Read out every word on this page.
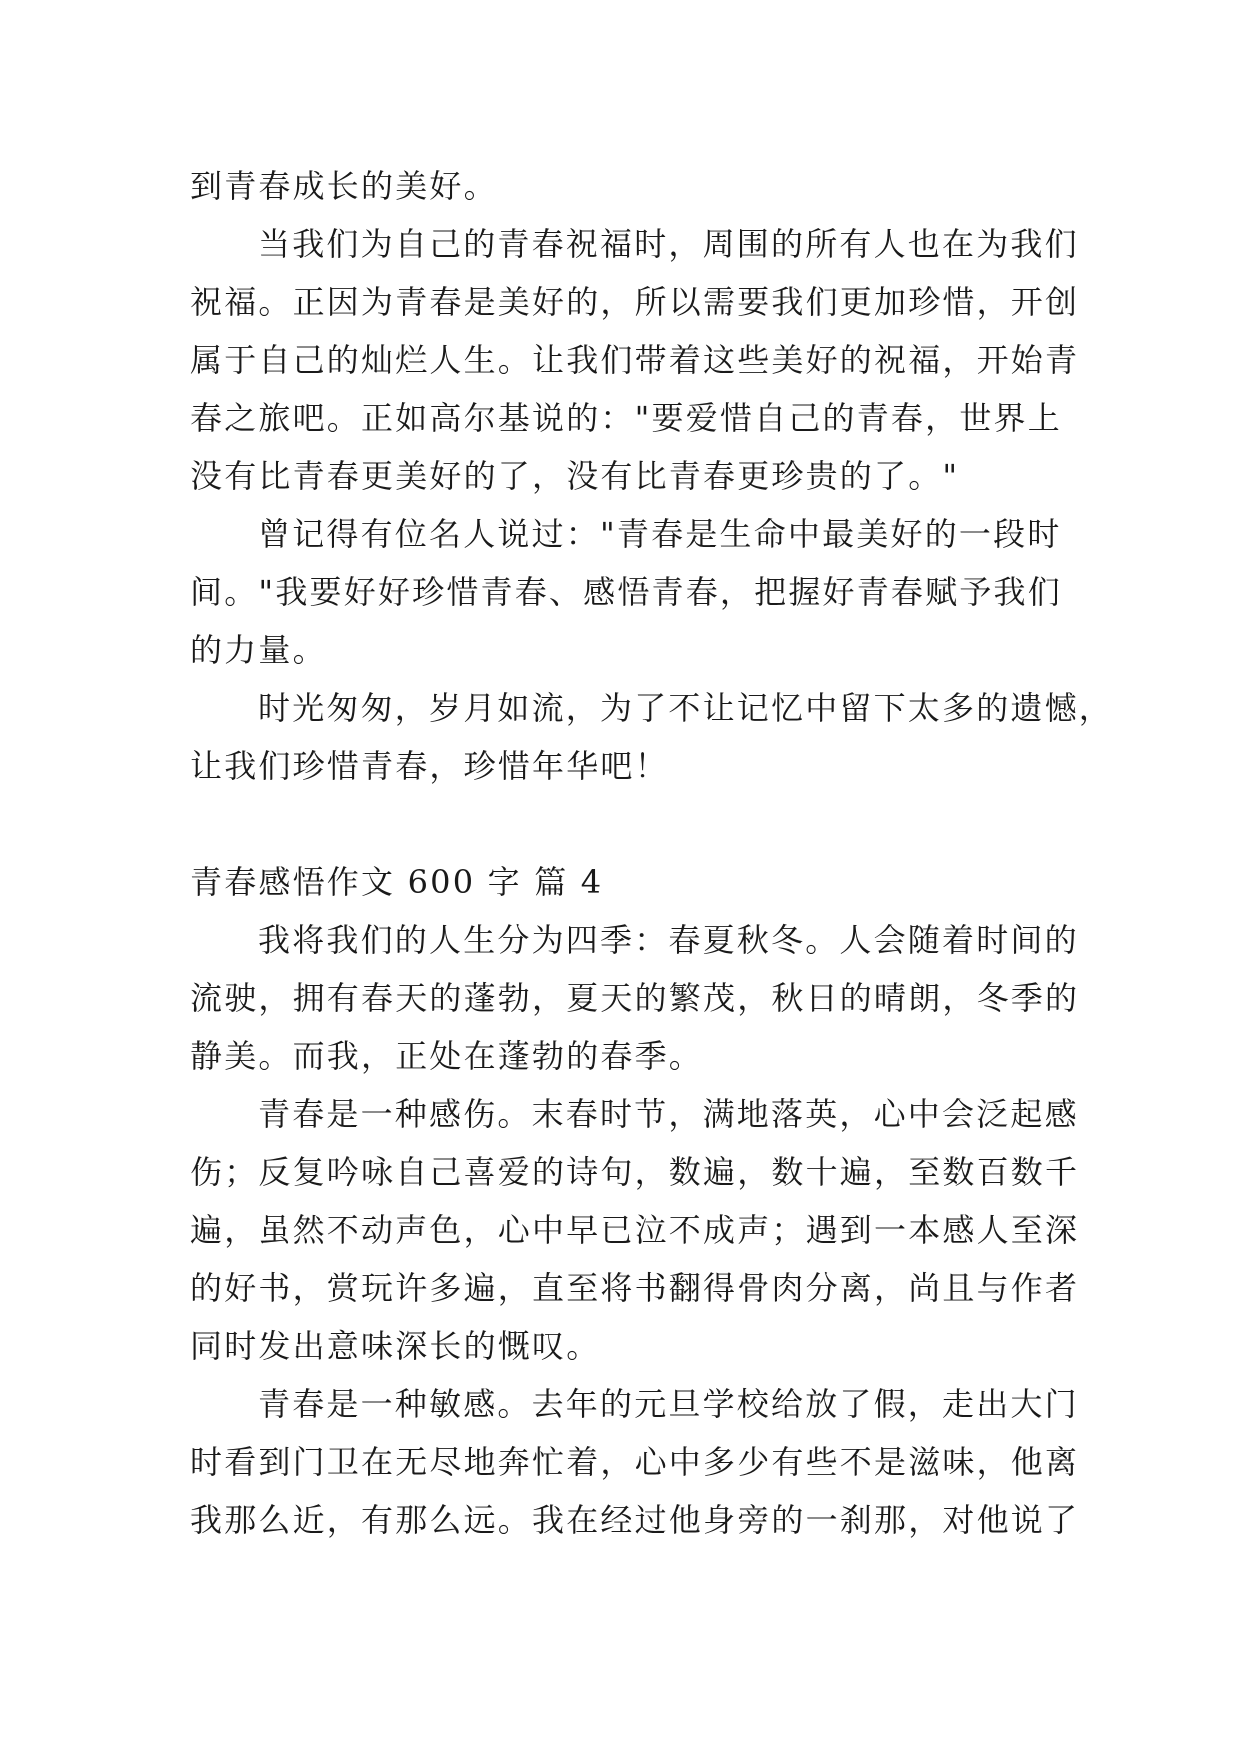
到青春成长的美好。
当我们为自己的青春祝福时，周围的所有人也在为我们
祝福。正因为青春是美好的，所以需要我们更加珍惜，开创
属于自己的灿烂人生。让我们带着这些美好的祝福，开始青
春之旅吧。正如高尔基说的："要爱惜自己的青春，世界上
没有比青春更美好的了，没有比青春更珍贵的了。"
曾记得有位名人说过："青春是生命中最美好的一段时
间。"我要好好珍惜青春、感悟青春，把握好青春赋予我们
的力量。
时光匆匆，岁月如流，为了不让记忆中留下太多的遗憾，
让我们珍惜青春，珍惜年华吧！
青春感悟作文 600 字 篇 4
我将我们的人生分为四季：春夏秋冬。人会随着时间的
流驶，拥有春天的蓬勃，夏天的繁茂，秋日的晴朗，冬季的
静美。而我，正处在蓬勃的春季。
青春是一种感伤。末春时节，满地落英，心中会泛起感
伤；反复吟咏自己喜爱的诗句，数遍，数十遍，至数百数千
遍，虽然不动声色，心中早已泣不成声；遇到一本感人至深
的好书，赏玩许多遍，直至将书翻得骨肉分离，尚且与作者
同时发出意味深长的慨叹。
青春是一种敏感。去年的元旦学校给放了假，走出大门
时看到门卫在无尽地奔忙着，心中多少有些不是滋味，他离
我那么近，有那么远。我在经过他身旁的一刹那，对他说了
